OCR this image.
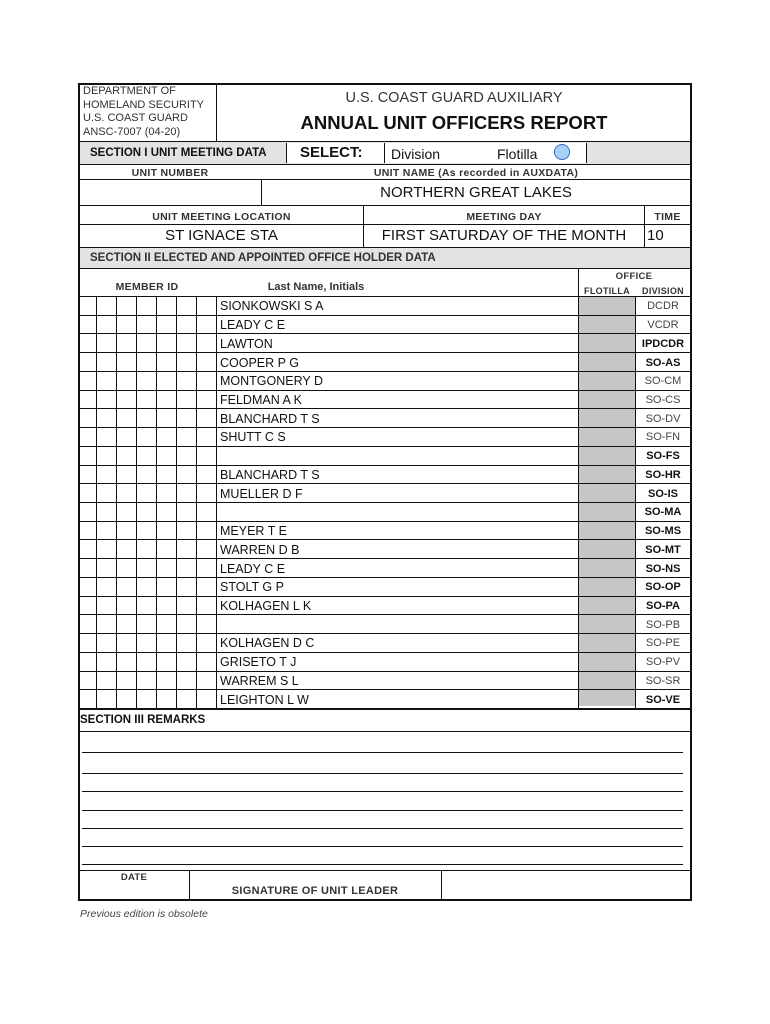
DEPARTMENT OF
HOMELAND SECURITY
U.S. COAST GUARD
ANSC-7007 (04-20)
U.S. COAST GUARD AUXILIARY
ANNUAL UNIT OFFICERS REPORT
SECTION I UNIT MEETING DATA SELECT: Division	Flotilla
UNIT NUMBER	UNIT NAME (As recorded in AUXDATA)
NORTHERN GREAT LAKES
UNIT MEETING LOCATION	MEETING DAY	TIME
ST IGNACE STA	FIRST SATURDAY OF THE MONTH	10
SECTION II ELECTED AND APPOINTED OFFICE HOLDER DATA
MEMBER ID	Last Name, Initials
OFFICE
FLOTILLA	DIVISION
SIONKOWSKI S A	DCDR
LEADY C E	VCDR
LAWTON	IPDCDR
COOPER P G	SO-AS
MONTGONERY D	SO-CM
FELDMAN A K	SO-CS
BLANCHARD T S	SO-DV
SHUTT C S	SO-FN
SO-FS
BLANCHARD T S	SO-HR
MUELLER D F	SO-IS
SO-MA
MEYER T E	SO-MS
WARREN D B	SO-MT
LEADY C E	SO-NS
STOLT G P	SO-OP
KOLHAGEN L K	SO-PA
SO-PB
KOLHAGEN D C	SO-PE
GRISETO T J	SO-PV
WARREM S L	SO-SR
LEIGHTON L W	SO-VE
SECTION III REMARKS
DATE
SIGNATURE OF UNIT LEADER
Previous edition is obsolete
